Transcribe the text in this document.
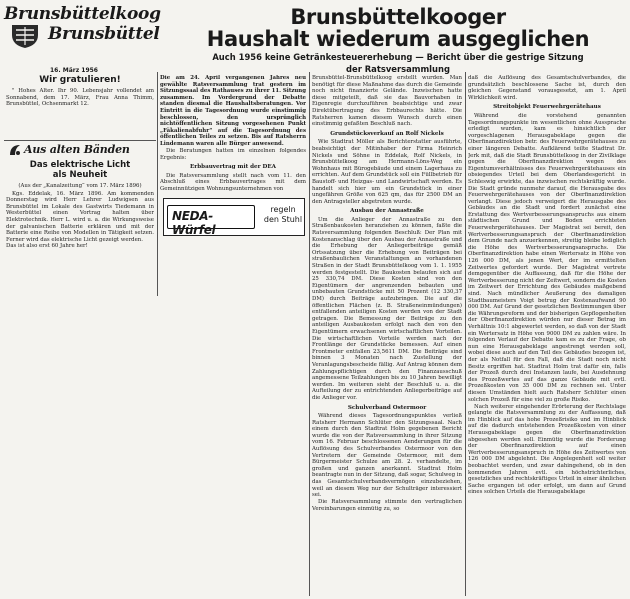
Brunsbüttelkoog
Brunsbüttel
16. März 1956
Brunsbüttelkooger
Haushalt wiederum ausgeglichen
Auch 1956 keine Getränkesteuererhebung — Bericht über die gestrige Sitzung
der Ratsversammlung
Wir gratulieren!

" Hohes Alter. Ihr 90. Lebensjahr vollendet am Sonnabend, dem 17. März, Frau Anna Thimm, Brunsbüttel, Ochsenmarkt 12.

Aus alten Bänden
Das elektrische Licht
als Neuheit

(Aus der „Kanalzeitung“ vom 17. März 1896)

Kgs. Eddelak, 16. März 1896. Am kommenden Donnerstag wird Herr Lehrer Ludwigsen aus Brunsbüttel im Lokale des Gastwirts Tiedemann in Westerbüttel einen Vortrag halten über Elektrotechnik. Herr L. wird u. a. die Wirkungsweise der galvanischen Batterie erklären und mit der Batterie eine Reihe von Modellen in Tätigkeit setzen. Ferner wird das elektrische Licht gezeigt werden.

Das ist also erst 60 Jahre her!

Die am 24. April vergangenen Jahres neu gewählte Ratsversammlung trat gestern im Sitzungssaal des Rathauses zu ihrer 11. Sitzung zusammen. Im Vordergrund der Debatte standen diesmal die Haushaltsberatungen. Vor Eintritt in die Tagesordnung wurde einstimmig beschlossen, den ursprünglich nichtöffentlichen Sitzung vorgesehenen Punkt „Fäkalienabfuhr“ auf die Tagesordnung des öffentlichen Teiles zu setzen. Bis auf Ratsherrn Lindemann waren alle Bürger anwesend.

Die Beratungen hatten im einzelnen folgendes Ergebnis:

Erbbauvertrag mit der DEA

Die Ratsversammlung stellt nach vom 11. den Abschluß eines Erbbauvertrages mit dem Gemeinnützigen Wohnungsunternehmen von

NEDA-Würfel
regeln
den Stuhl

Brunsbüttel-Brunsbüttelkoog erstellt wurden. Man benötigt für diese Maßnahme das durch die Gemeinde noch nicht finanzierte Gelände. Inzwischen hatte diese mitgeteilt, daß sie das Bauvorhaben in Eigenregie durchzuführen beabsichtige und zwar Direktübertragung des Erbbaurechts hätte. Die Ratsherren kamen diesem Wunsch durch einen einstimmig gefaßten Beschluß nach.

Grundstücksverkauf an Rolf Nickels

Wie Stadtrat Möller als Berichterstatter ausführte, beabsichtigt der Mitinhaber der Firma Heinrich Nickels und Söhne in Eddelak, Rolf Nickels, in Brunsbüttelkoog am Hermann-Löns-Weg ein Wohnhaus mit Bürogebäude und einem Lagerhaus zu errichten. Auf dem Grundstück soll ein Füllbetrieb für Baustoff- und Heizgas- und Landwirtschaft werden. Es handelt sich hier um ein Grundstück in einer ungefähren Größe von 625 qm, das für 2500 DM an den Antragsteller abgetreten wurde.

Ausbau der Annastraße

Um die Anlieger der Annastraße zu den Straßenbaukosten heranziehen zu können, faßte die Ratsversammlung folgenden Beschluß: Der Plan mit Kostenanschlag über den Ausbau der Annastraße und die Erhebung der Anliegerbeiträge gemäß Ortssatzung über die Erhebung von Beiträgen bei straßenbaulichen Veranstaltungen an vorhandenen Straßen in der Stadt Brunsbüttelkoog vom 1. 1. 1955 werden festgestellt. Die Baukosten belaufen sich auf 25 330,74 DM. Diese Kosten sind von den Eigentümern der angrenzenden bebauten und unbebauten Grundstücke mit 50 Prozent (12 330,37 DM) durch Beiträge aufzubringen. Die auf die öffentlichen Flächen (z. B. Straßeneinmündungen) entfallenden anteiligen Kosten werden von der Stadt getragen. Die Bemessung der Beiträge zu den anteiligen Ausbaukosten erfolgt nach den von den Eigentümern erwachsenen wirtschaftlichen Vorteilen. Die wirtschaftlichen Vorteile werden nach der Frontlänge der Grundstücke bemessen. Auf einen Frontmeter entfallen 23,5611 DM. Die Beiträge sind binnen 3 Monaten nach Zustellung der Veranlagungsbescheide fällig. Auf Antrag können dem Zahlungspflichtigen durch den Finanzausschuß angemessene Teilzahlungen bis zu 10 Jahren bewilligt werden. Im weiteren sieht der Beschluß u. a. die Aufteilung der zu entrichtenden Anliegerbeiträge auf die Anlieger vor.

Schulverband Ostermoor

Während dieses Tagesordnungspunktes verließ Ratsherr Hermann Schlüter den Sitzungssaal. Nach einem durch den Stadtrat Holm gegebenen Bericht wurde die von der Ratsversammlung in ihrer Sitzung vom 16. Februar beschlossenen Aenderungen für die Auflösung des Schulverbandes Ostermoor von den Vertretern der Gemeinde Ostermoor, mit dem Bürgermeister Schulze am 28. 2. verhandelte, im großen und ganzen anerkannt. Stadtrat Holm beantragte nun in der Sitzung, daß sogar, Schulweg in das Gesamtschulverbandsvermögen einzubeziehen, weil an diesem Weg nur der Schulträger interessiert sei.

Die Ratsversammlung stimmte den vertraglichen Vereinbarungen einmütig zu, so

daß die Auflösung des Gesamtschulverbandes, die grundsätzlich beschlossene Sache ist, durch den gleichen Gegenstand vorausgesetzt, am 1. April Wirklichkeit wird.

Streitobjekt Feuerwehrgerätehaus

Während die vorstehend genannten Tagesordnungspunkte im wesentlichen ohne Aussprache erledigt wurden, kam es hinsichtlich der vorgeschlagenen Herausgabeklage gegen die Oberfinanzdirektion betr. des Feuerwehrgerätehauses zu einer längeren Debatte. Aufklärend teilte Stadtrat Dr. Jerk mit, daß die Stadt Brunsbüttelkoog in der Zivilklage gegen die Oberfinanzdirektion wegen des Eigentumsverhältnisses des Feuerwehrgerätehauses ein obsiegendes Urteil bei dem Oberlandesgericht in Schleswig erwirkte, das inzwischen rechtskräftig wurde. Die Stadt gründe nunmehr darauf, die Herausgabe des Feuerwehrgerätehauses von der Oberfinanzdirektion verlangt. Diese jedoch verweigert die Herausgabe des Gebäudes an die Stadt und fordert zunächst eine Erstattung des Wertverbesserungsanspruchs aus einem städtischen Grund und Boden errichteten Feuerwehrgerätehauses. Der Magistrat sei bereit, den Wertverbesserungsanspruch der Oberfinanzdirektion dem Grunde nach anzuerkennen, streitig bleibe lediglich die Höhe des Wertverbesserungsanspruchs. Die Oberfinanzdirektion habe einen Wertersatz in Höhe von 126 000 DM, als jenen Wert, der im ermittelten Zeitwertes gefordert wurde. Der Magistrat vertrete demgegenüber die Auffassung, daß für die Höhe der Wertverbesserung nicht der Zeitwert, sondern die Kosten im Zeitwert der Errichtung des Gebäudes maßgebend sind. Nach mündlicher Aeußerung des damaligen Stadtbaumeisters Voigt betrug der Kostenaufwand 90 000 DM. Auf Grund der gesetzlichen Bestimmungen über die Währungsreform und der bisherigen Gepflogenheiten der Oberfinanzdirektion würden nur dieser Betrag im Verhältnis 10:1 abgewertet werden, so daß von der Stadt ein Wertersatz in Höhe von 9000 DM zu zahlen wäre. In folgenden Verlauf der Debatte kam es zu der Frage, ob nun eine Herausgabeklage angestrengt werden soll, wobei diese auch auf den Teil des Gebäudes bezogen ist, der als Notfall für den Fall, daß die Stadt noch nicht Besitz ergriffen hat. Stadtrat Holm trat dafür ein, falls der Prozeß durch drei Instanzen laufe, bei Ausdehnung des Prozeßwertes auf das ganze Gebäude mit evtl. Prozeßkosten von 35 000 DM zu rechnen sei. Unter diesen Umständen hielt auch Ratsherr Schlüter einen solchen Prozeß für eine viel zu große Risiko.

Nach weiterer eingehender Erörterung der Rechtslage gelangte die Ratsversammlung zu der Auffassung, daß im Hinblick auf das hohe Prozeßrisiko und im Hinblick auf die dadurch entstehenden Prozeßkosten von einer Herausgabeklage gegen die Oberfinanzdirektion abgesehen werden soll. Einmütig wurde die Forderung der Oberfinanzdirektion auf einen Wertverbesserungsanspruch in Höhe des Zeitwertes von 126 000 DM abgelehnt. Die Angelegenheit soll weiter beobachtet werden, und zwar dahingehend, ob in den kommenden Jahren evtl. ein höchstrichterliches, gesetzliches und rechtskräftiges Urteil in einer ähnlichen Sache ergangen ist oder erfolgt, um dann auf Grund eines solchen Urteils die Herausgabeklage
